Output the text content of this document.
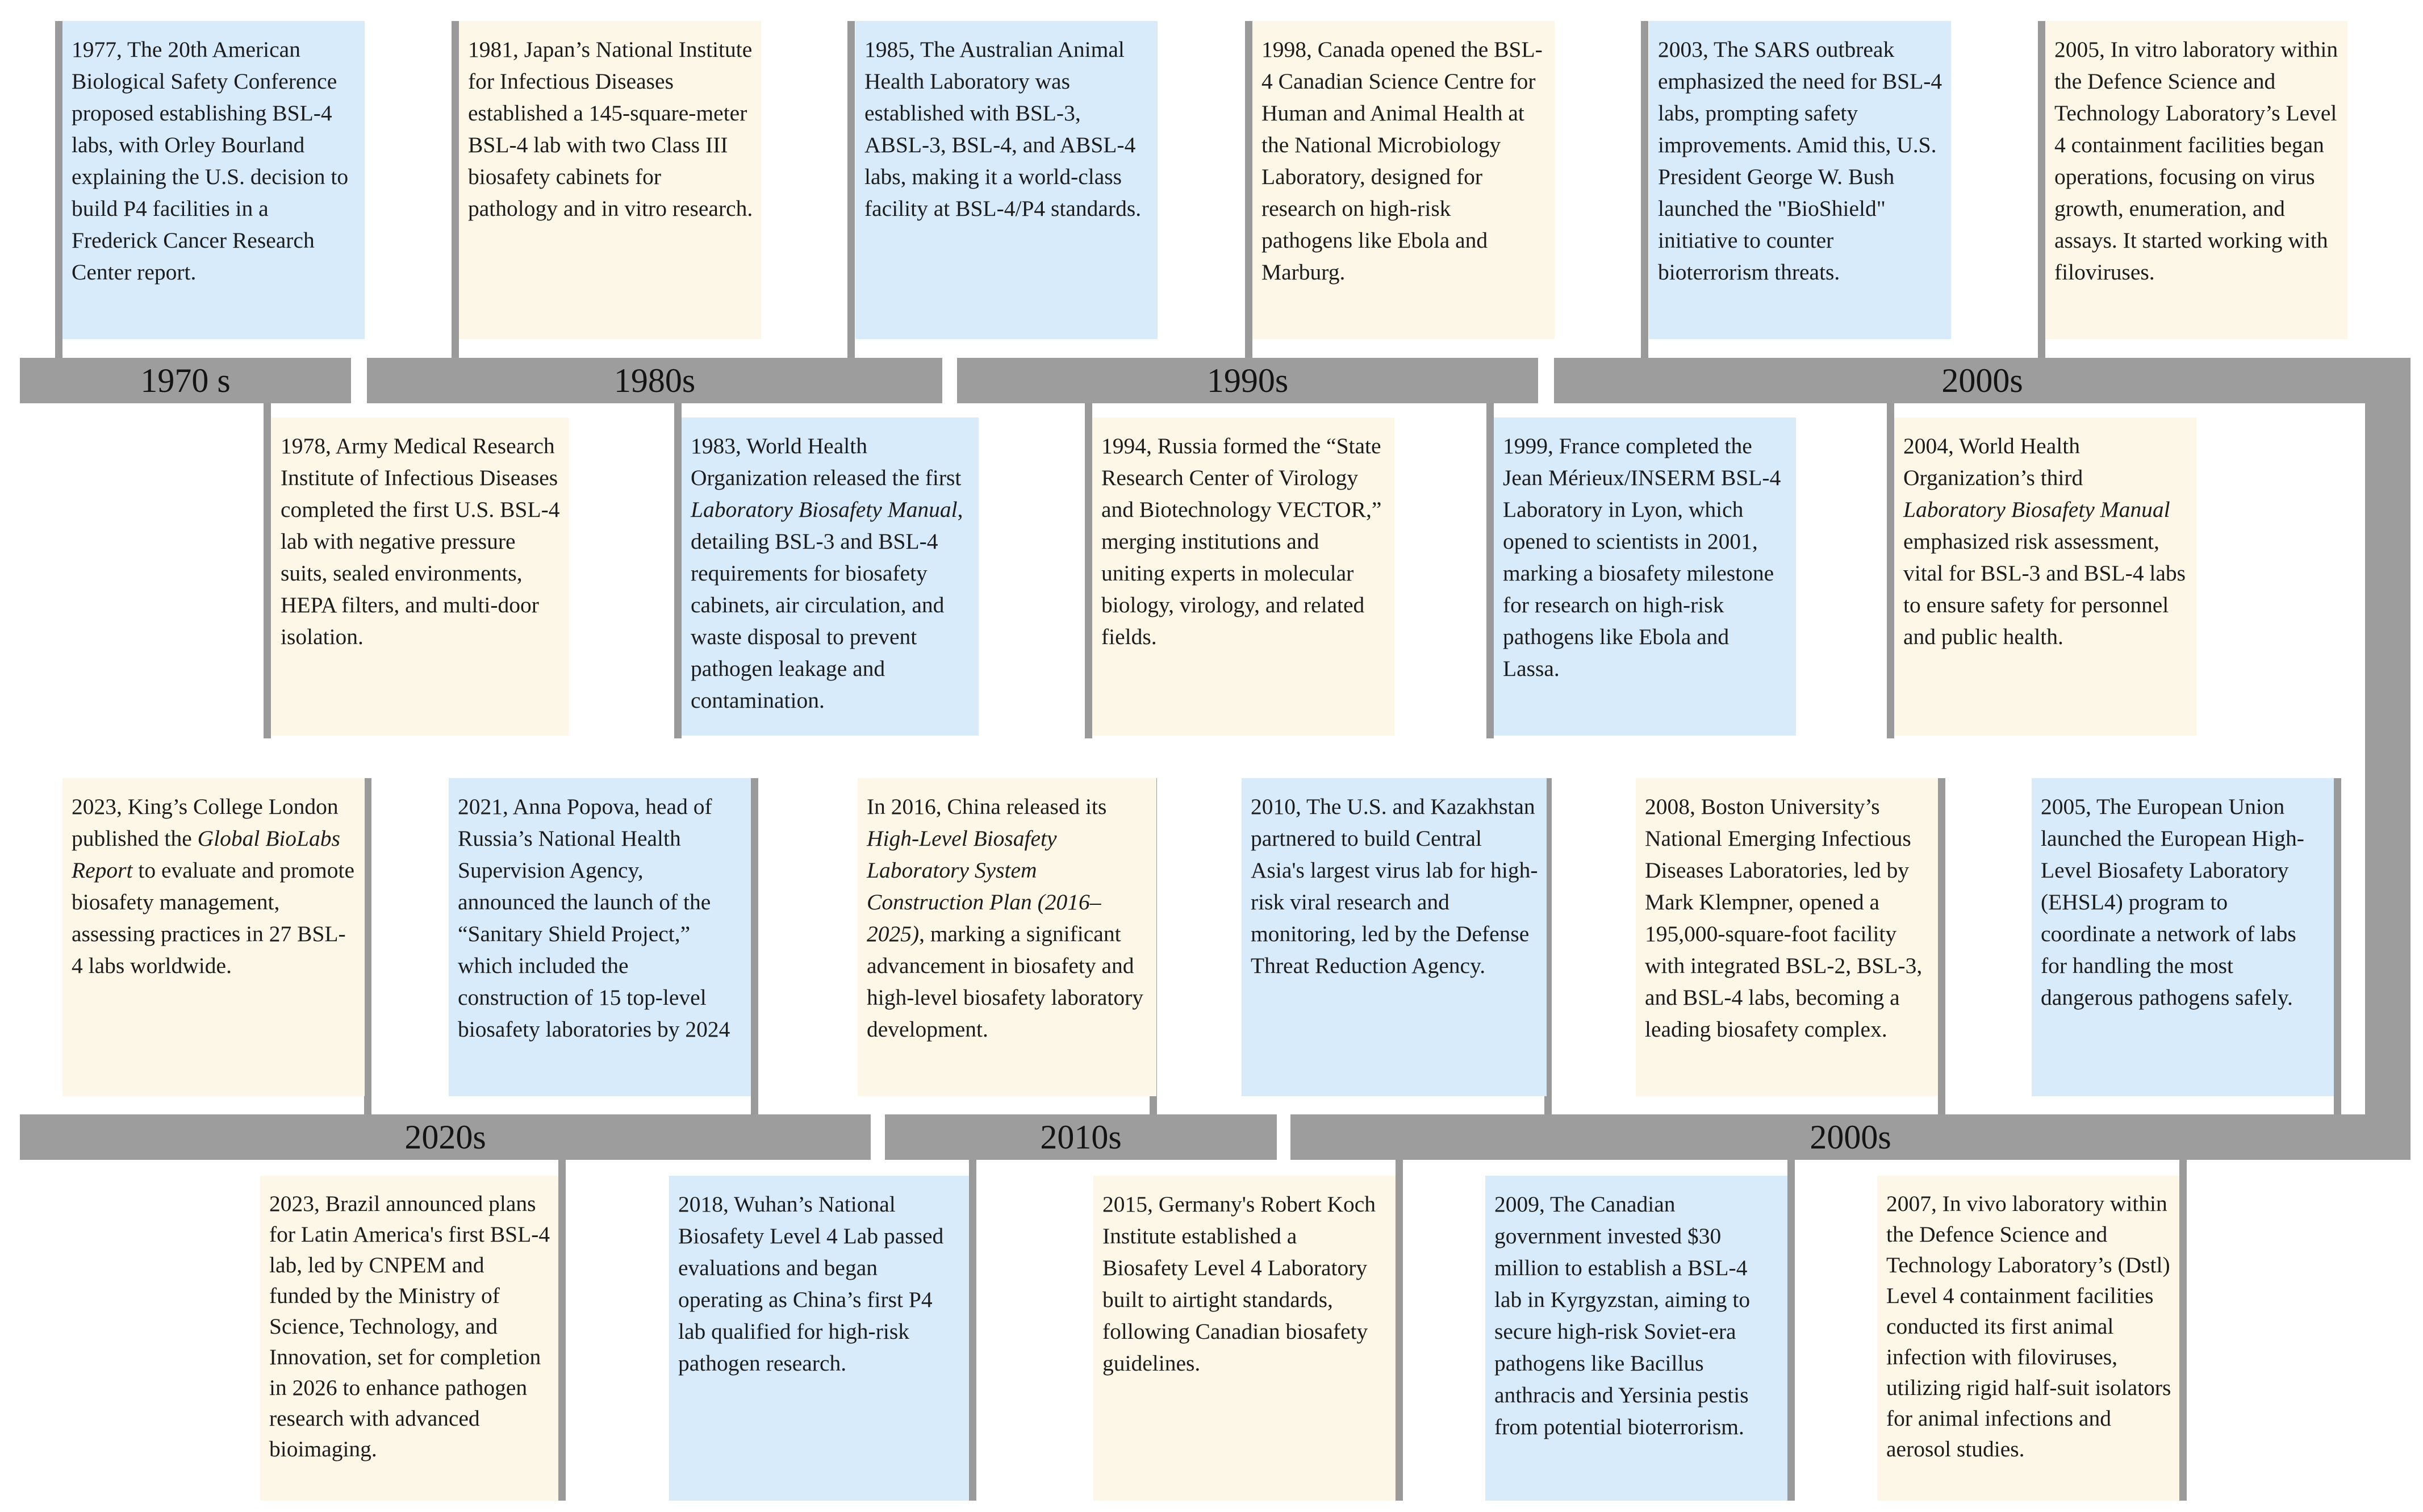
1970 s	1980s	1990s	2000s
2020s	2010s	2000s
1977, The 20th American Biological Safety Conference proposed establishing BSL-4 labs, with Orley Bourland explaining the U.S. decision to build P4 facilities in a Frederick Cancer Research Center report.
1981, Japan’s National Institute for Infectious Diseases established a 145-square-meter BSL-4 lab with two Class III biosafety cabinets for pathology and in vitro research.
1985, The Australian Animal Health Laboratory was established with BSL-3, ABSL-3, BSL-4, and ABSL-4 labs, making it a world-class facility at BSL-4/P4 standards.
1998, Canada opened the BSL-4 Canadian Science Centre for Human and Animal Health at the National Microbiology Laboratory, designed for research on high-risk pathogens like Ebola and Marburg.
2003, The SARS outbreak emphasized the need for BSL-4 labs, prompting safety improvements. Amid this, U.S. President George W. Bush launched the "BioShield" initiative to counter bioterrorism threats.
2005, In vitro laboratory within the Defence Science and Technology Laboratory’s Level 4 containment facilities began operations, focusing on virus growth, enumeration, and assays. It started working with filoviruses.
1978, Army Medical Research Institute of Infectious Diseases completed the first U.S. BSL-4 lab with negative pressure suits, sealed environments, HEPA filters, and multi-door isolation.
1983, World Health Organization released the first Laboratory Biosafety Manual, detailing BSL-3 and BSL-4 requirements for biosafety cabinets, air circulation, and waste disposal to prevent pathogen leakage and contamination.
1994, Russia formed the “State Research Center of Virology and Biotechnology VECTOR,” merging institutions and uniting experts in molecular biology, virology, and related fields.
1999, France completed the Jean Mérieux/INSERM BSL-4 Laboratory in Lyon, which opened to scientists in 2001, marking a biosafety milestone for research on high-risk pathogens like Ebola and Lassa.
2004, World Health Organization’s third Laboratory Biosafety Manual emphasized risk assessment, vital for BSL-3 and BSL-4 labs to ensure safety for personnel and public health.
2023, King’s College London published the Global BioLabs Report to evaluate and promote biosafety management, assessing practices in 27 BSL-4 labs worldwide.
2021, Anna Popova, head of Russia’s National Health Supervision Agency, announced the launch of the “Sanitary Shield Project,” which included the construction of 15 top-level biosafety laboratories by 2024
In 2016, China released its High-Level Biosafety Laboratory System Construction Plan (2016–2025), marking a significant advancement in biosafety and high-level biosafety laboratory development.
2010, The U.S. and Kazakhstan partnered to build Central Asia's largest virus lab for high-risk viral research and monitoring, led by the Defense Threat Reduction Agency.
2008, Boston University’s National Emerging Infectious Diseases Laboratories, led by Mark Klempner, opened a 195,000-square-foot facility with integrated BSL-2, BSL-3, and BSL-4 labs, becoming a leading biosafety complex.
2005, The European Union launched the European High-Level Biosafety Laboratory (EHSL4) program to coordinate a network of labs for handling the most dangerous pathogens safely.
2023, Brazil announced plans for Latin America's first BSL-4 lab, led by CNPEM and funded by the Ministry of Science, Technology, and Innovation, set for completion in 2026 to enhance pathogen research with advanced bioimaging.
2018, Wuhan’s National Biosafety Level 4 Lab passed evaluations and began operating as China’s first P4 lab qualified for high-risk pathogen research.
2015, Germany's Robert Koch Institute established a Biosafety Level 4 Laboratory built to airtight standards, following Canadian biosafety guidelines.
2009, The Canadian government invested $30 million to establish a BSL-4 lab in Kyrgyzstan, aiming to secure high-risk Soviet-era pathogens like Bacillus anthracis and Yersinia pestis from potential bioterrorism.
2007, In vivo laboratory within the Defence Science and Technology Laboratory’s (Dstl) Level 4 containment facilities conducted its first animal infection with filoviruses, utilizing rigid half-suit isolators for animal infections and aerosol studies.
